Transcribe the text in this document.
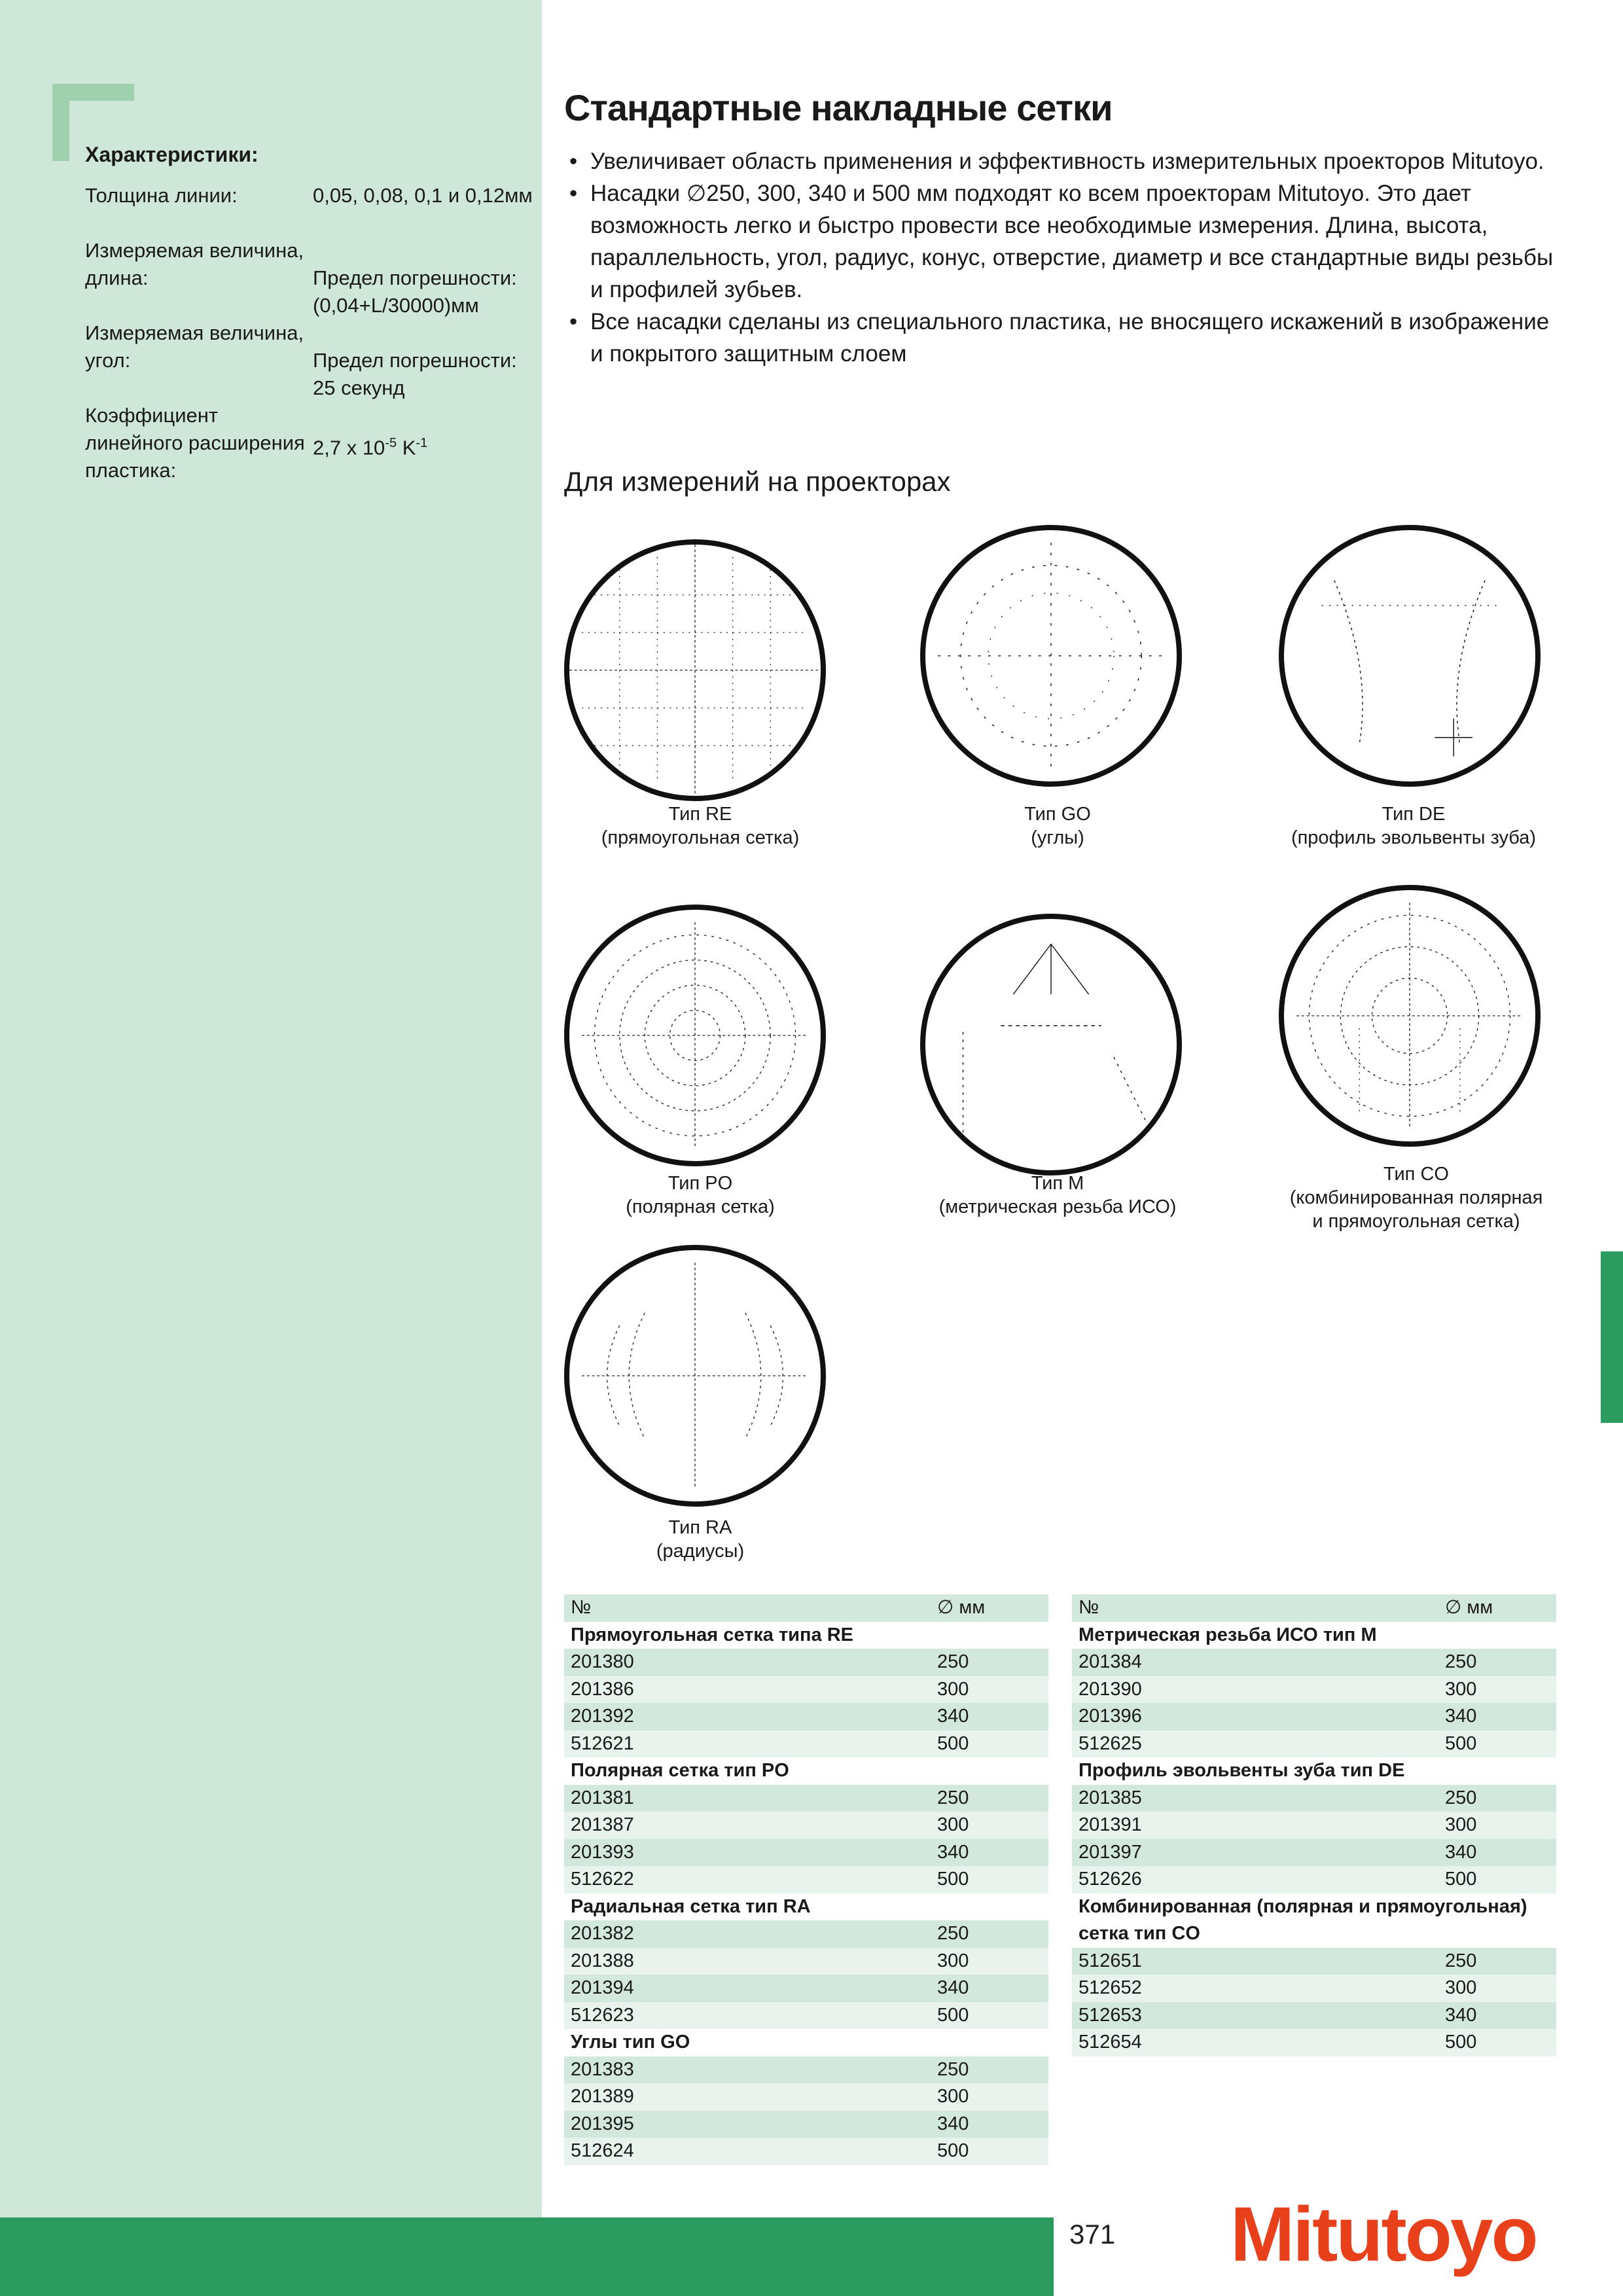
Характеристики:
Толщина линии:	0,05, 0,08, 0,1 и 0,12мм
Измеряемая величина, длина:	Предел погрешности: (0,04+L/30000)мм
Измеряемая величина, угол:	Предел погрешности: 25 секунд
Коэффициент линейного расширения пластика:
2,7 x $10^{-5}$ $K^{-1}$
Стандартные накладные сетки
• Увеличивает область применения и эффективность измерительных проекторов Mitutoyo.
• Насадки ∅250, 300, 340 и 500 мм подходят ко всем проекторам Mitutoyo. Это дает возможность легко и быстро провести все необходимые измерения. Длина, высота, параллельность, угол, радиус, конус, отверстие, диаметр и все стандартные виды резьбы и профилей зубьев.
• Все насадки сделаны из специального пластика, не вносящего искажений в изображение и покрытого защитным слоем
Для измерений на проекторах
Тип RE
(прямоугольная сетка)
Тип GO
(углы)
Тип DE
(профиль эвольвенты зуба)
Тип PO
(полярная сетка)
Тип M
(метрическая резьба ИСО)
Тип CO
(комбинированная полярная и прямоугольная сетка)
Тип RA
(радиусы)
№	∅ мм
Прямоугольная сетка типа RE	
201380	250
201386	300
201392	340
512621	500
Полярная сетка тип PO	
201381	250
201387	300
201393	340
512622	500
Радиальная сетка тип RA	
201382	250
201388	300
201394	340
512623	500
Углы тип GO	
201383	250
201389	300
201395	340
512624	500
№	∅ мм
Метрическая резьба ИСО тип M	
201384	250
201390	300
201396	340
512625	500
Профиль эвольвенты зуба тип DE	
201385	250
201391	300
201397	340
512626	500
Комбинированная (полярная и прямоугольная)	
сетка тип CO	
512651	250
512652	300
512653	340
512654	500
371 Mitutoyo
